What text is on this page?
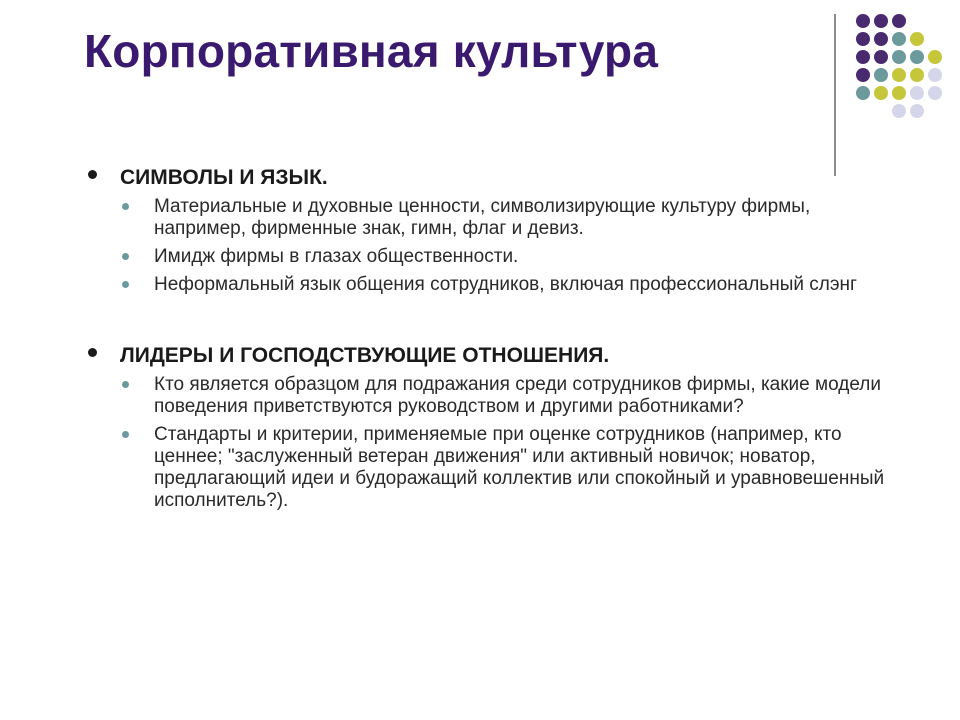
Корпоративная культура
СИМВОЛЫ И ЯЗЫК.
Материальные и духовные ценности, символизирующие культуру фирмы, например, фирменные знак, гимн, флаг и девиз.
Имидж фирмы в глазах общественности.
Неформальный язык общения сотрудников, включая профессиональный слэнг
ЛИДЕРЫ И ГОСПОДСТВУЮЩИЕ ОТНОШЕНИЯ.
Кто является образцом для подражания среди сотрудников фирмы, какие модели поведения приветствуются руководством и другими работниками?
Стандарты и критерии, применяемые при оценке сотрудников (например, кто ценнее; "заслуженный ветеран движения" или активный новичок; новатор, предлагающий идеи и будоражащий коллектив или спокойный и уравновешенный исполнитель?).
